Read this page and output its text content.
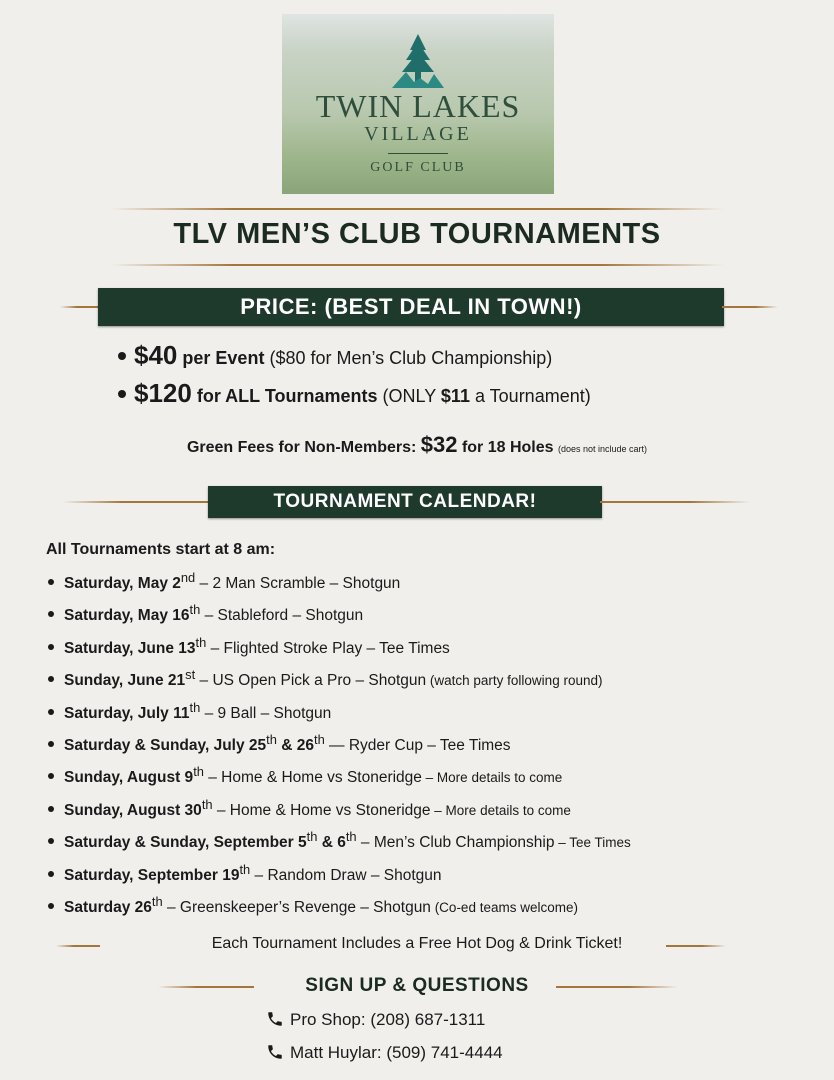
TWIN LAKES
VILLAGE
GOLF CLUB
TLV MEN’S CLUB TOURNAMENTS
PRICE: (BEST DEAL IN TOWN!)
$40 per Event ($80 for Men’s Club Championship)
$120 for ALL Tournaments (ONLY $11 a Tournament)
Green Fees for Non-Members: $32 for 18 Holes (does not include cart)
TOURNAMENT CALENDAR!
All Tournaments start at 8 am:
Saturday, May 2nd – 2 Man Scramble – Shotgun
Saturday, May 16th – Stableford – Shotgun
Saturday, June 13th – Flighted Stroke Play – Tee Times
Sunday, June 21st – US Open Pick a Pro – Shotgun (watch party following round)
Saturday, July 11th – 9 Ball – Shotgun
Saturday & Sunday, July 25th & 26th — Ryder Cup – Tee Times
Sunday, August 9th – Home & Home vs Stoneridge – More details to come
Sunday, August 30th – Home & Home vs Stoneridge – More details to come
Saturday & Sunday, September 5th & 6th – Men’s Club Championship – Tee Times
Saturday, September 19th – Random Draw – Shotgun
Saturday 26th – Greenskeeper’s Revenge – Shotgun (Co-ed teams welcome)
Each Tournament Includes a Free Hot Dog & Drink Ticket!
SIGN UP & QUESTIONS
Pro Shop: (208) 687-1311
Matt Huylar: (509) 741-4444
